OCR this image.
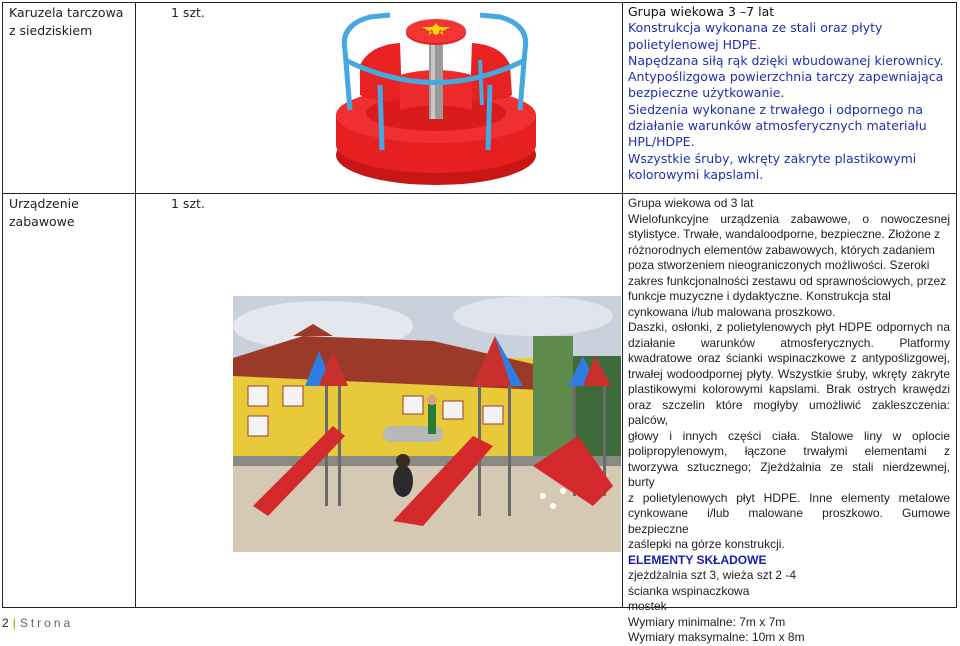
Karuzela tarczowa z siedziskiem
1 szt.	Grupa wiekowa 3 –7 lat
Konstrukcja wykonana ze stali oraz płyty polietylenowej HDPE.
Napędzana siłą rąk dzięki wbudowanej kierownicy.
Antypoślizgowa powierzchnia tarczy zapewniająca bezpieczne użytkowanie.
Siedzenia wykonane z trwałego i odpornego na działanie warunków atmosferycznych materiału HPL/HDPE.
Wszystkie śruby, wkręty zakryte plastikowymi kolorowymi kapslami.
Urządzenie zabawowe
1 szt.	Grupa wiekowa od 3 lat
Wielofunkcyjne urządzenia zabawowe, o nowoczesnej
stylistyce. Trwałe, wandaloodporne, bezpieczne. Złożone z
różnorodnych elementów zabawowych, których zadaniem
poza stworzeniem nieograniczonych możliwości. Szeroki
zakres funkcjonalności zestawu od sprawnościowych, przez
funkcje muzyczne i dydaktyczne. Konstrukcja stal
cynkowana i/lub malowana proszkowo.
Daszki, osłonki, z polietylenowych płyt HDPE odpornych na
działanie warunków atmosferycznych. Platformy
kwadratowe oraz ścianki wspinaczkowe z antypoślizgowej,
trwałej wodoodpornej płyty. Wszystkie śruby, wkręty zakryte
plastikowymi kolorowymi kapslami. Brak ostrych krawędzi
oraz szczelin które mogłyby umożliwić zakleszczenia: palców,
głowy i innych części ciała. Stalowe liny w oplocie
polipropylenowym, łączone trwałymi elementami z
tworzywa sztucznego; Zjeżdżalnia ze stali nierdzewnej, burty
z polietylenowych płyt HDPE. Inne elementy metalowe
cynkowane i/lub malowane proszkowo. Gumowe bezpieczne
zaślepki na górze konstrukcji.
ELEMENTY SKŁADOWE
zjeżdżalnia szt 3, wieża szt 2 -4
ścianka wspinaczkowa
mostek
Wymiary minimalne: 7m x 7m
Wymiary maksymalne: 10m x 8m
2 | Strona
